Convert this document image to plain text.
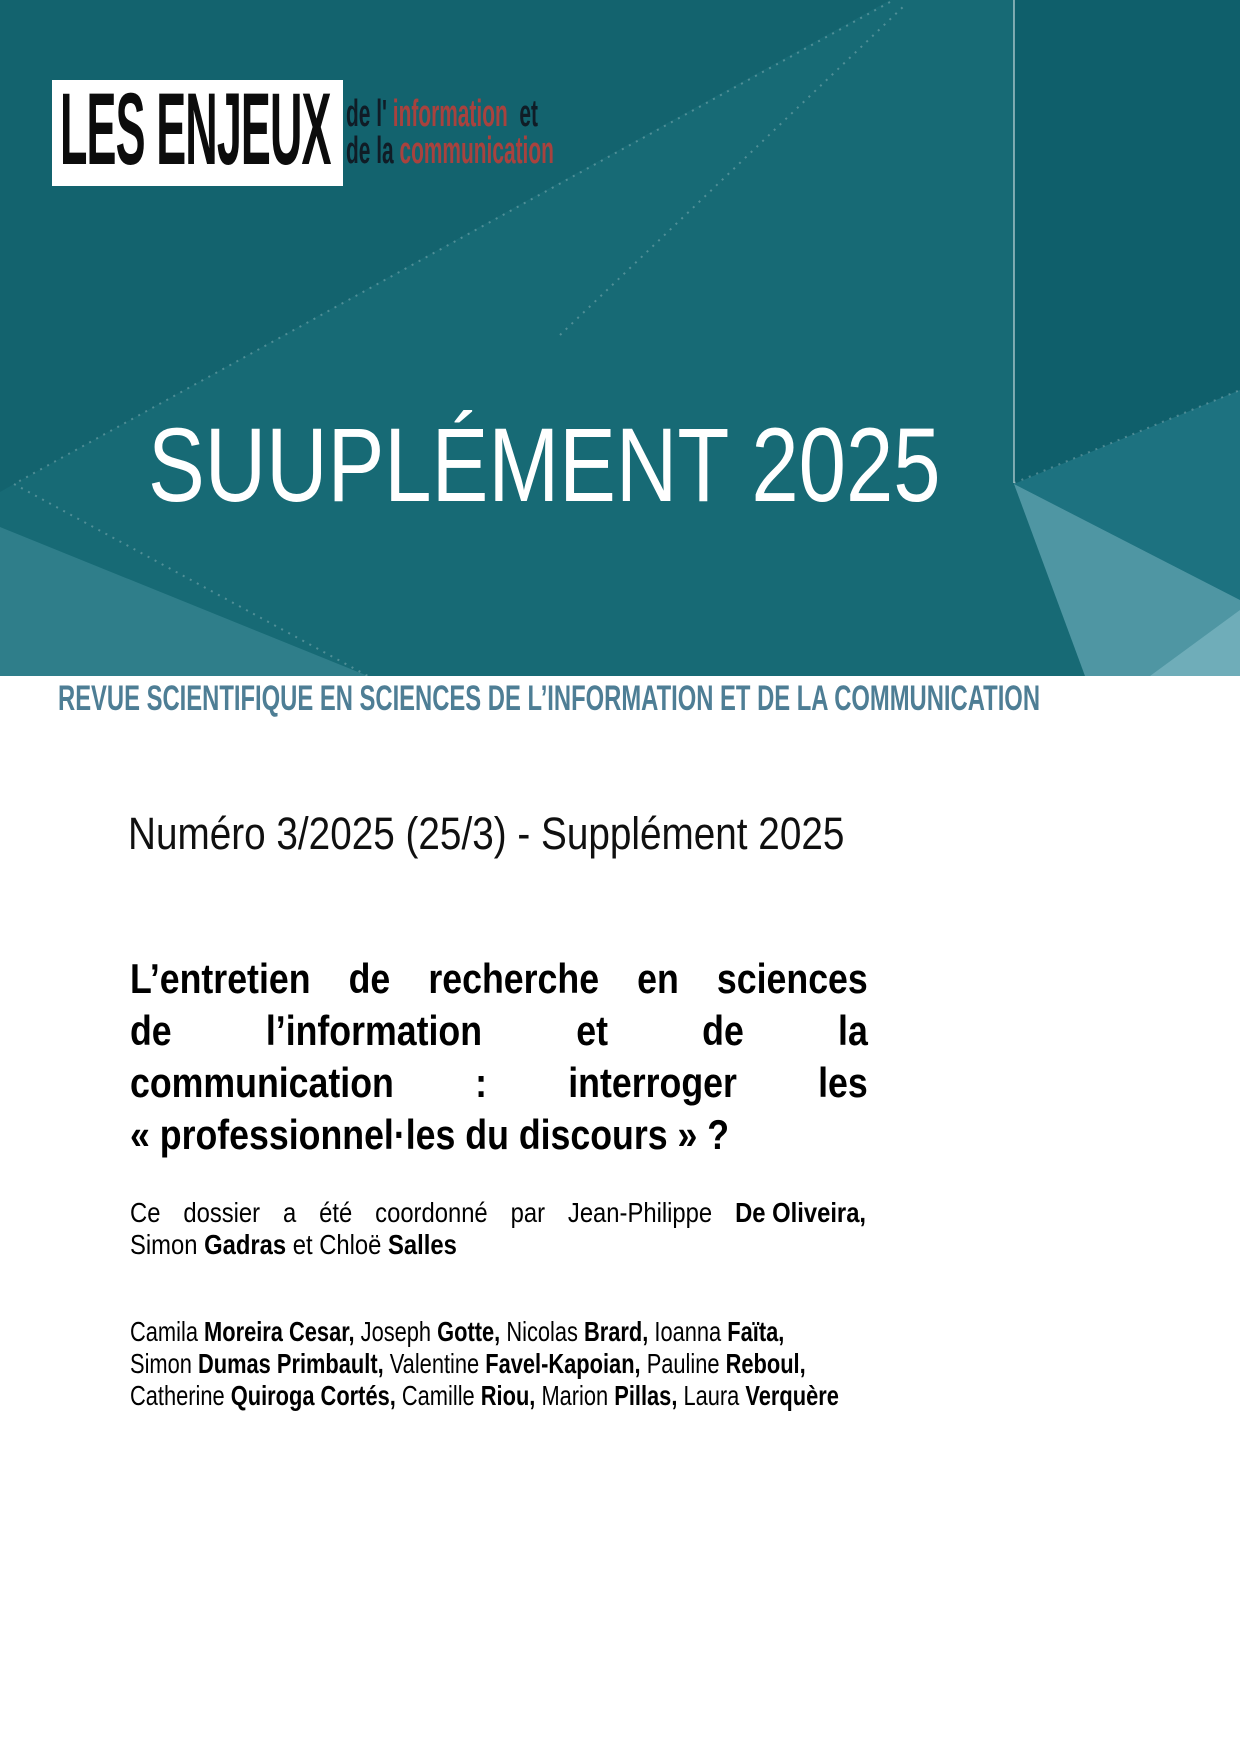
LES ENJEUX de l' information  et
de la communication
SUUPLÉMENT 2025
REVUE SCIENTIFIQUE EN SCIENCES DE L’INFORMATION ET DE LA COMMUNICATION
Numéro 3/2025 (25/3) - Supplément 2025
L’entretien de recherche en sciences
de l’information et de la
communication : interroger les
« professionnel·les du discours » ?
Ce dossier a été coordonné par Jean-Philippe De Oliveira,
Simon Gadras et Chloë Salles
Camila Moreira Cesar, Joseph Gotte, Nicolas Brard, Ioanna Faïta,
Simon Dumas Primbault, Valentine Favel-Kapoian, Pauline Reboul,
Catherine Quiroga Cortés, Camille Riou, Marion Pillas, Laura Verquère
